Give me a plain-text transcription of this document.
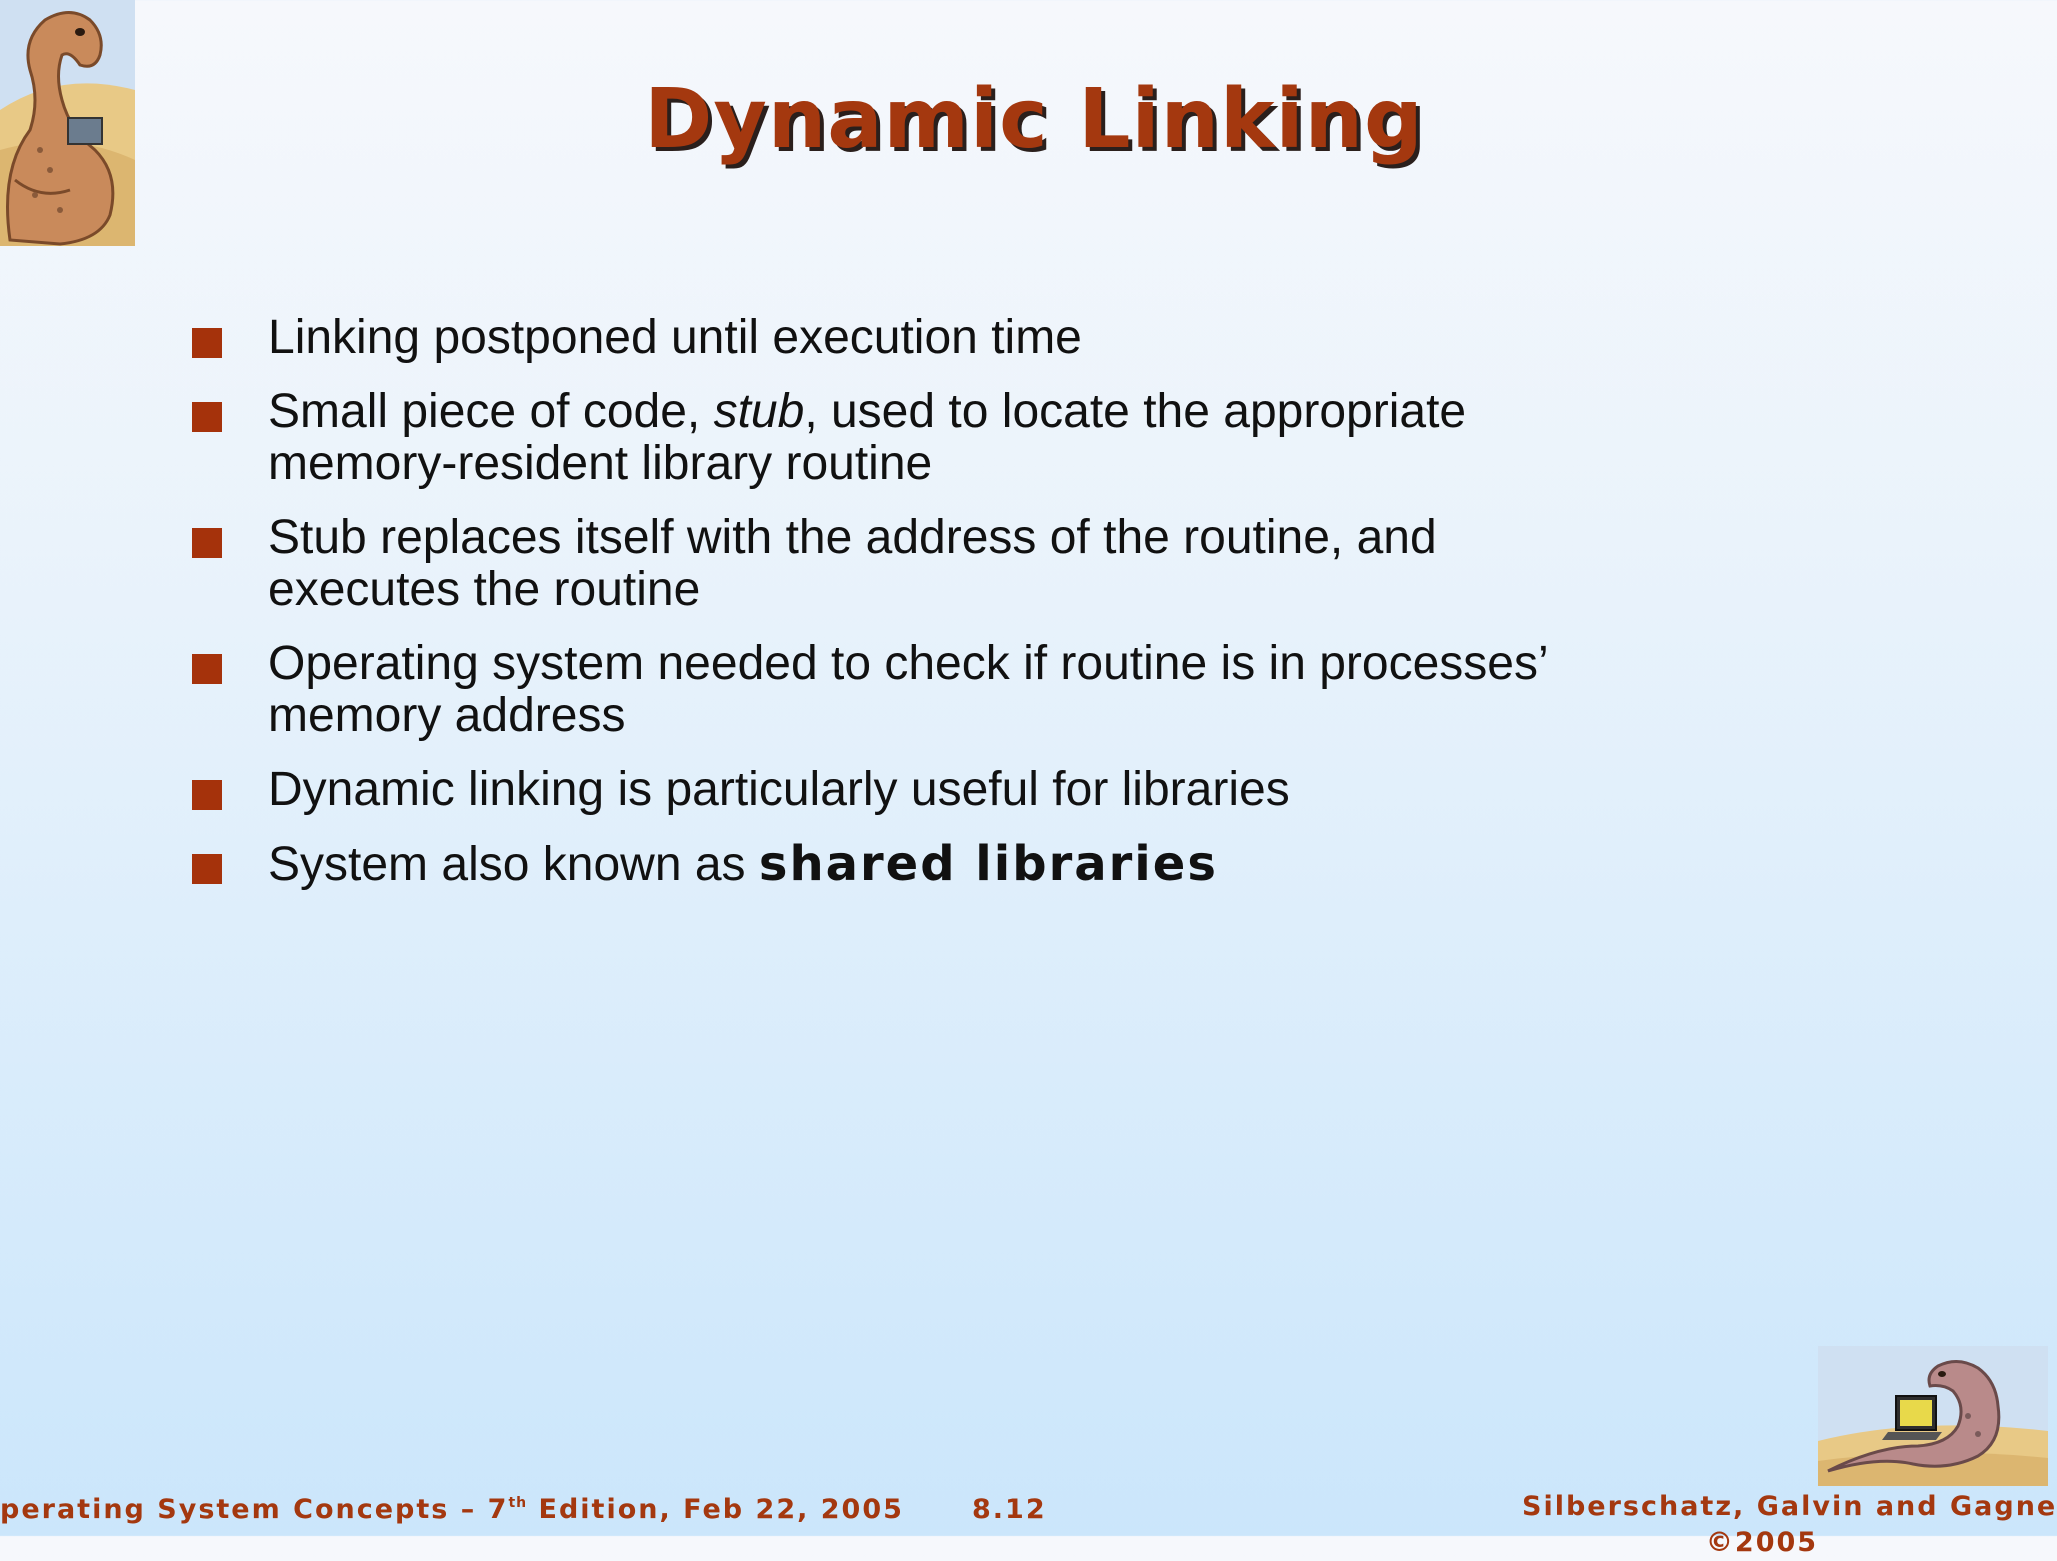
Dynamic Linking
Linking postponed until execution time
Small piece of code, stub, used to locate the appropriate
memory-resident library routine
Stub replaces itself with the address of the routine, and
executes the routine
Operating system needed to check if routine is in processes’
memory address
Dynamic linking is particularly useful for libraries
System also known as shared libraries
perating System Concepts – 7th Edition, Feb 22, 2005	8.12	Silberschatz, Galvin and Gagne
©2005
